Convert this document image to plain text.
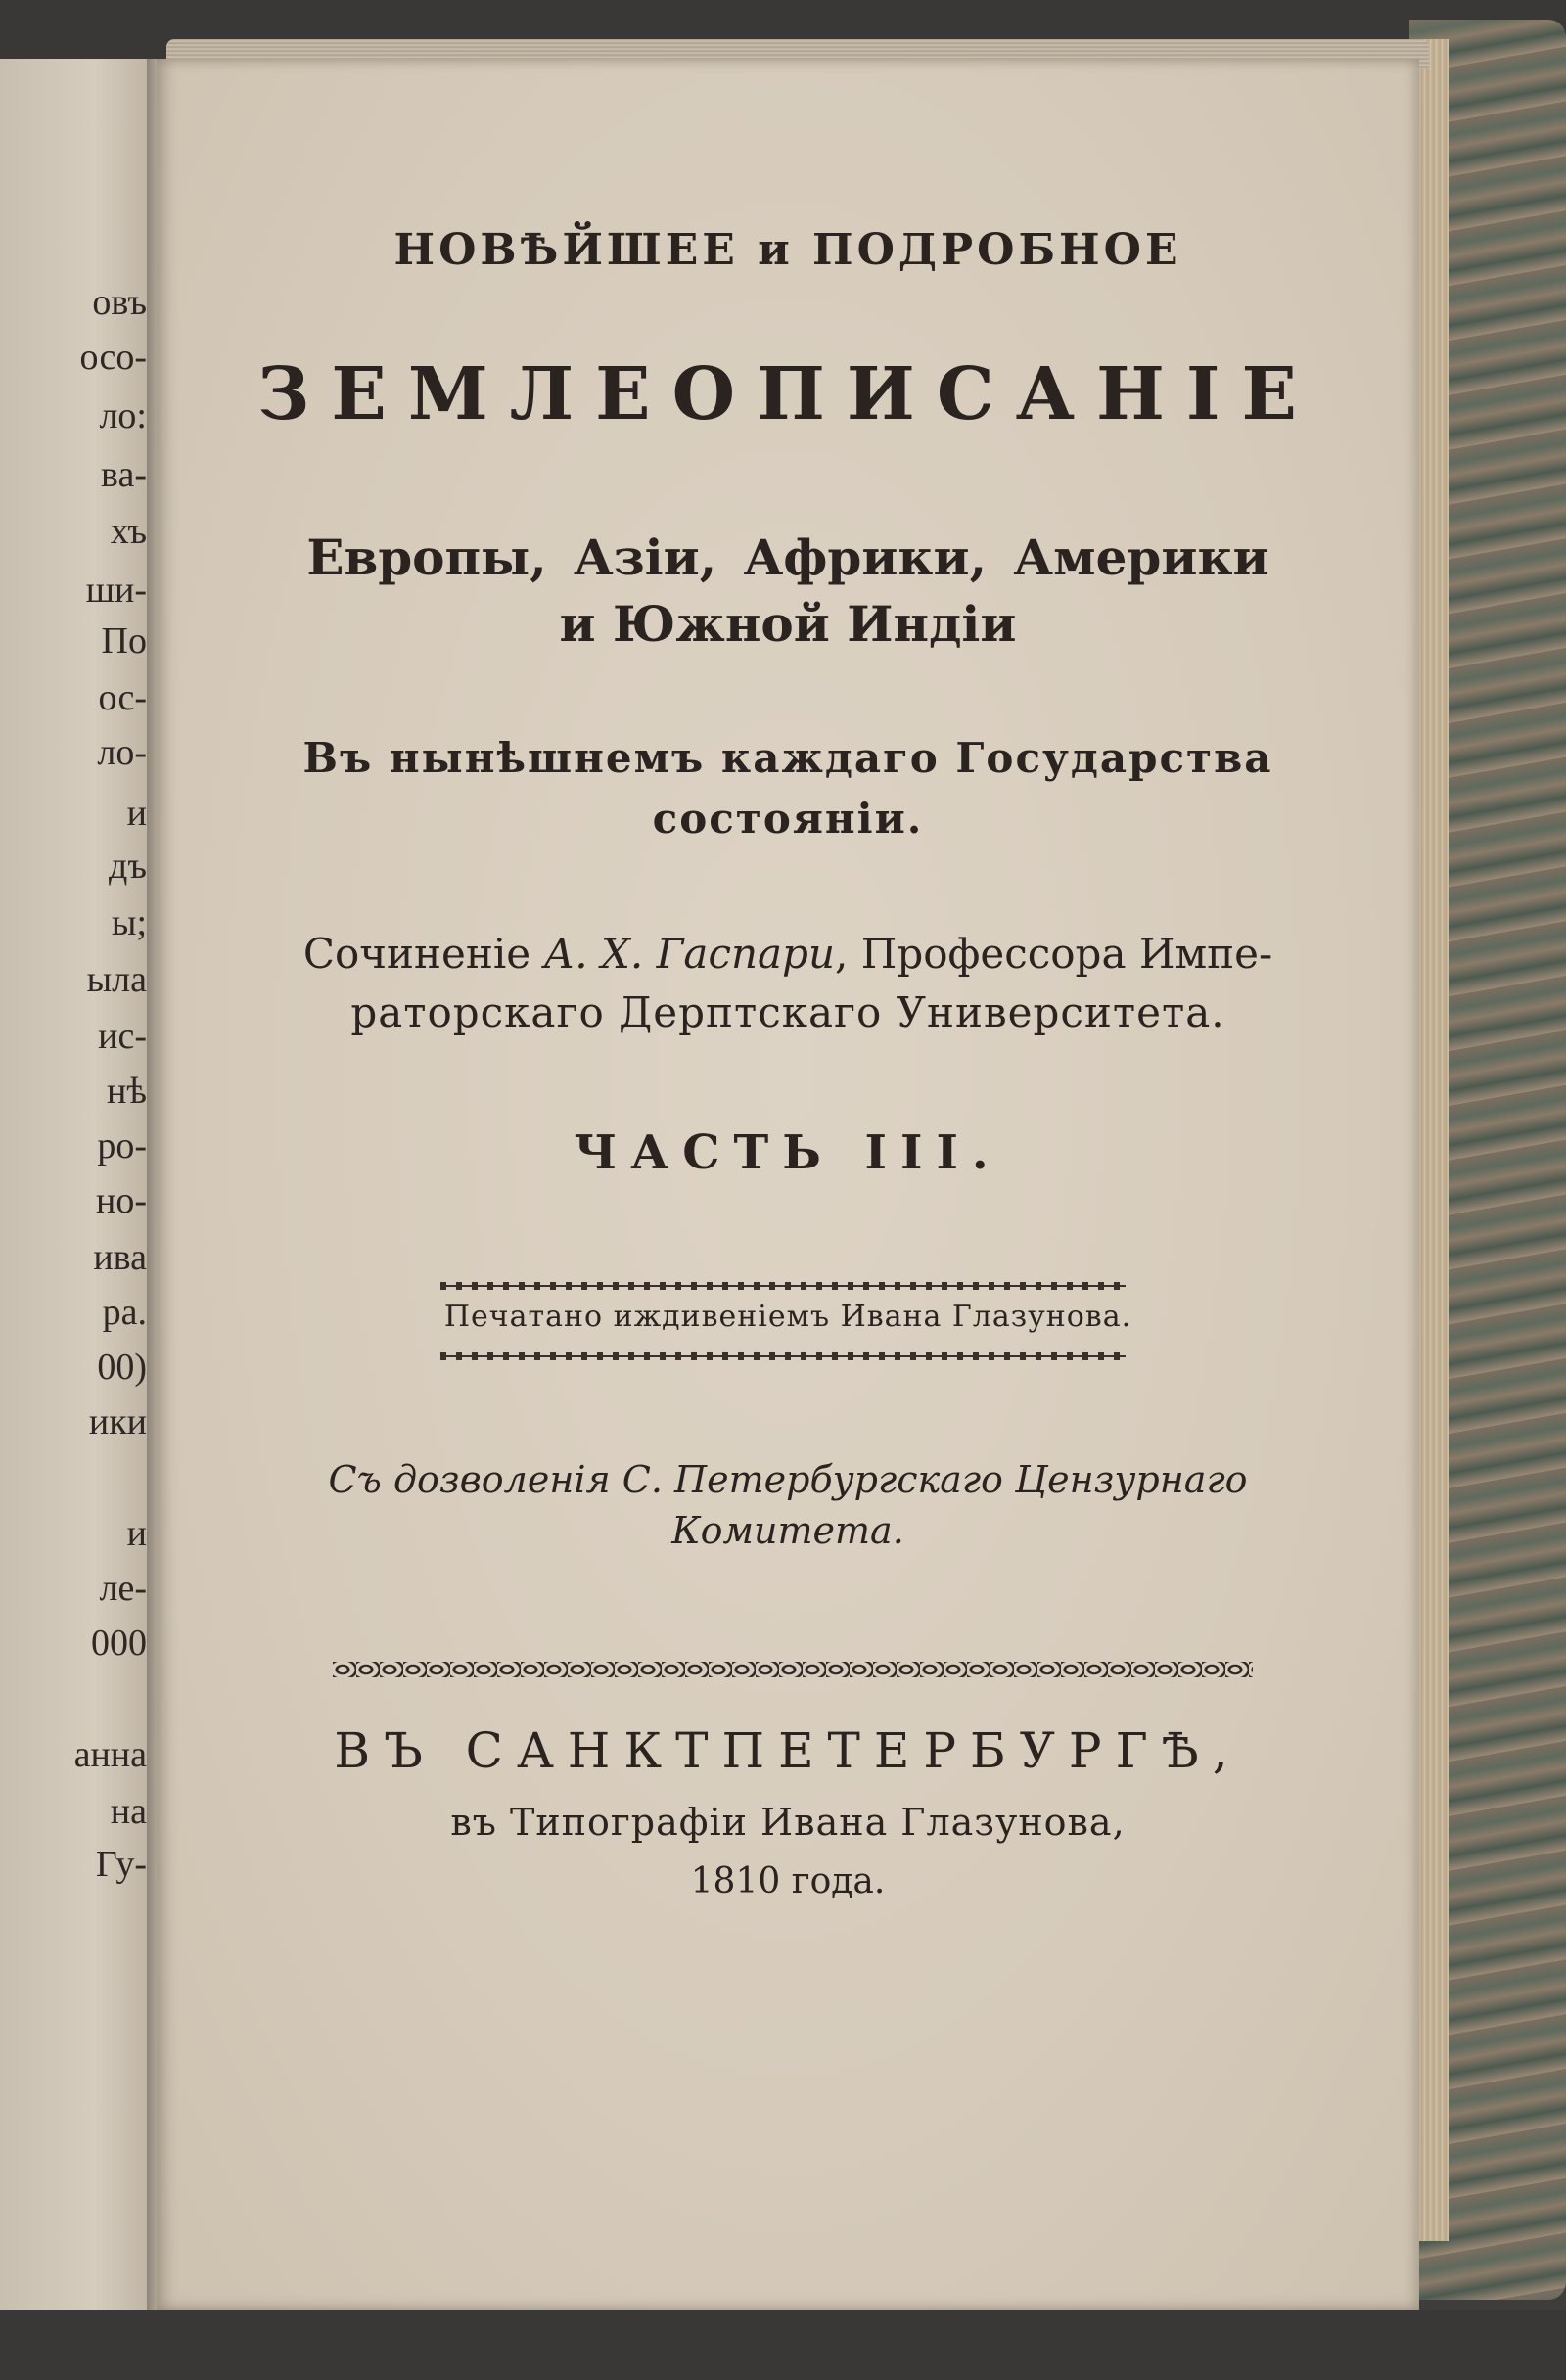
овъ
осо-
ло:
ва-
хъ
ши-
По
ос-
ло-
и
дъ
ы;
ыла
ис-
нѣ
ро-
но-
ива
ра.
00)
ики
и
ле-
000
анна
на
Гу-
НОВѢЙШЕЕ и ПОДРОБНОЕ
ЗЕМЛЕОПИСАНІЕ
Европы, Азіи, Африки, Америки
и Южной Индіи
Въ нынѣшнемъ каждаго Государства
состояніи.
Сочиненіе А. Х. Гаспари, Профессора Импе-
раторскаго Дерптскаго Университета.
ЧАСТЬ III.
Печатано иждивеніемъ Ивана Глазунова.
Съ дозволенія С. Петербургскаго Цензурнаго
Комитета.
ВЪ САНКТПЕТЕРБУРГѢ,
въ Типографіи Ивана Глазунова,
1810 года.
